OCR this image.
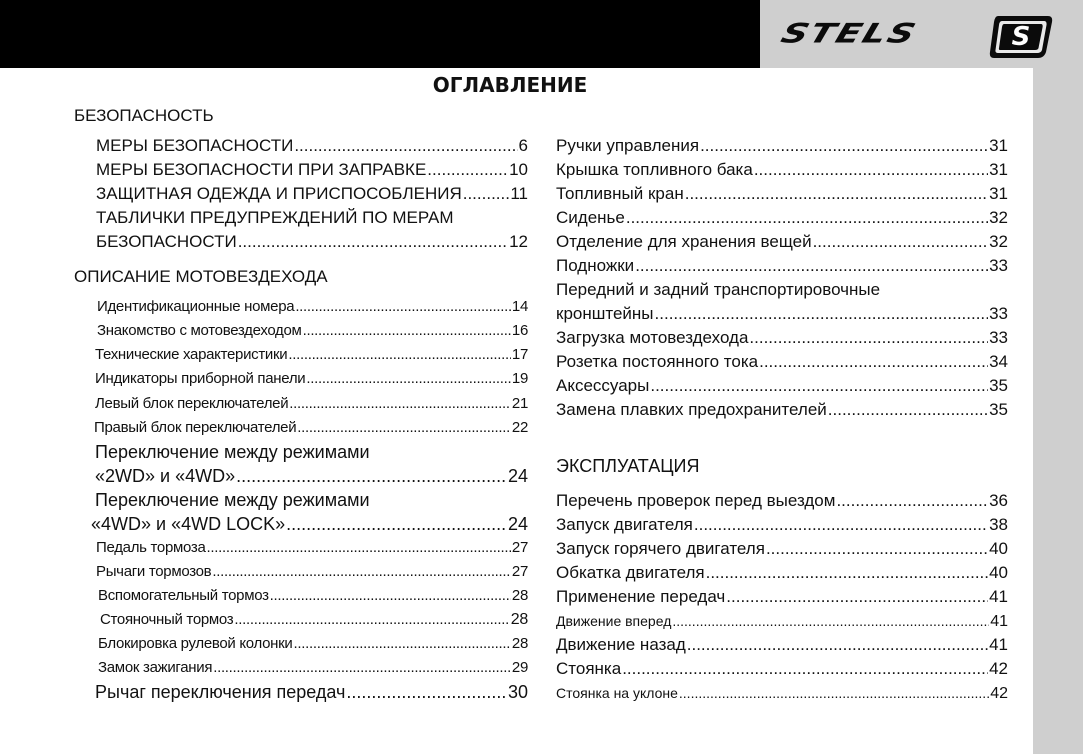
STELS	S
ОГЛАВЛЕНИЕ
БЕЗОПАСНОСТЬ
МЕРЫ БЕЗОПАСНОСТИ .....	6
МЕРЫ БЕЗОПАСНОСТИ ПРИ ЗАПРАВКЕ .....	10
ЗАЩИТНАЯ ОДЕЖДА И ПРИСПОСОБЛЕНИЯ .....	11
ТАБЛИЧКИ ПРЕДУПРЕЖДЕНИЙ ПО МЕРАМ
БЕЗОПАСНОСТИ .....	12
ОПИСАНИЕ МОТОВЕЗДЕХОДА
Идентификационные номера .....	14
Знакомство с мотовездеходом .....	16
Технические характеристики .....	17
Индикаторы приборной панели .....	19
Левый блок переключателей .....	21
Правый блок переключателей .....	22
Переключение между режимами
«2WD» и «4WD» .....	24
Переключение между режимами
«4WD» и «4WD LOCK» .....	24
Педаль тормоза .....	27
Рычаги тормозов .....	27
Вспомогательный тормоз .....	28
Стояночный тормоз .....	28
Блокировка рулевой колонки .....	28
Замок зажигания .....	29
Рычаг переключения передач .....	30
Ручки управления .....	31
Крышка топливного бака .....	31
Топливный кран .....	31
Сиденье .....	32
Отделение для хранения вещей .....	32
Подножки .....	33
Передний и задний транспортировочные
кронштейны .....	33
Загрузка мотовездехода .....	33
Розетка постоянного тока .....	34
Аксессуары .....	35
Замена плавких предохранителей .....	35
ЭКСПЛУАТАЦИЯ
Перечень проверок перед выездом .....	36
Запуск двигателя .....	38
Запуск горячего двигателя .....	40
Обкатка двигателя .....	40
Применение передач .....	41
Движение вперед .....	41
Движение назад .....	41
Стоянка .....	42
Стоянка на уклоне .....	42
